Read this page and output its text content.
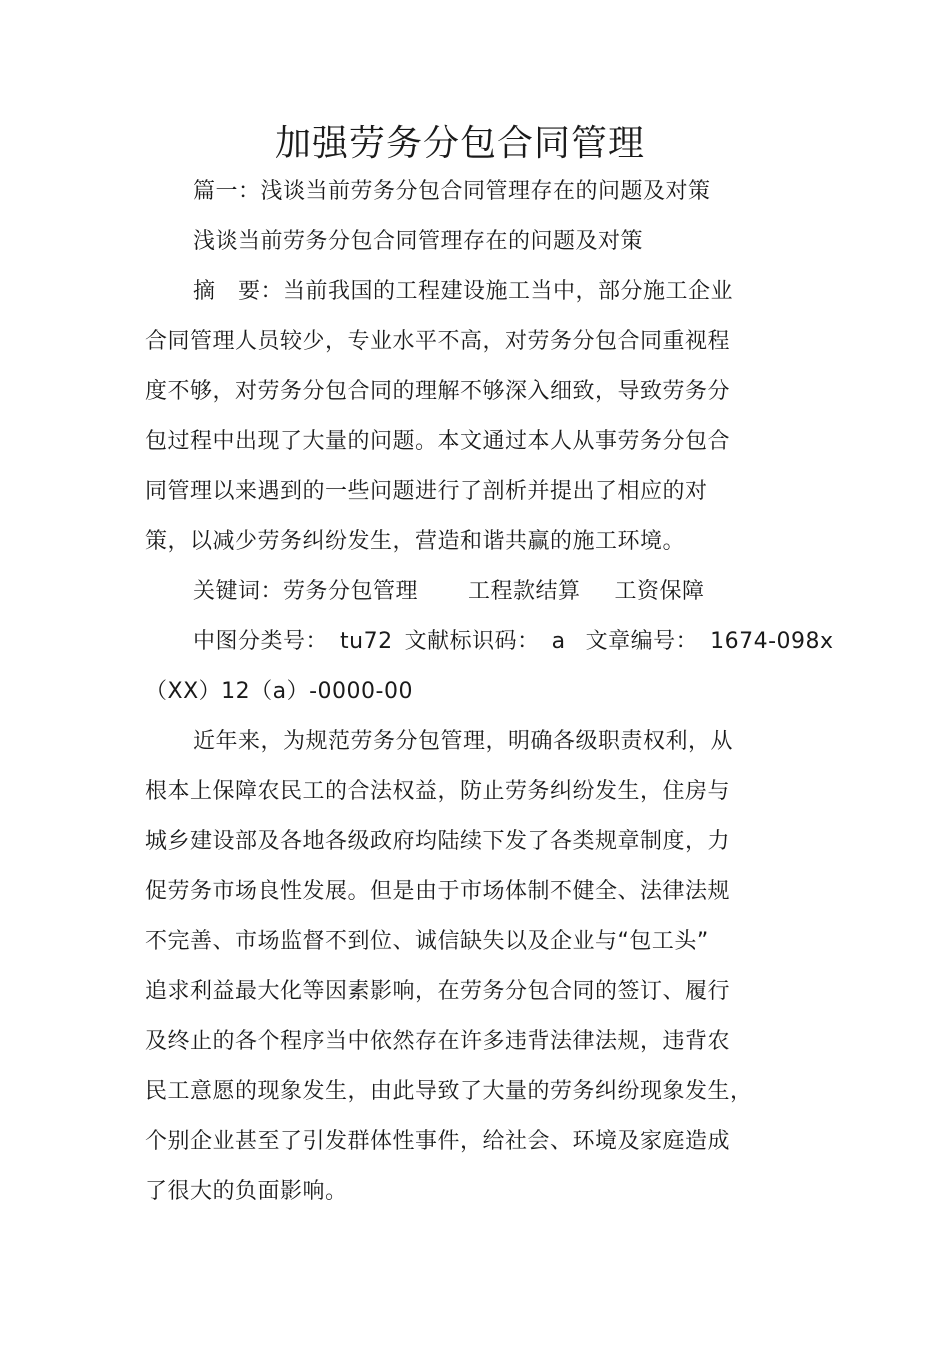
加强劳务分包合同管理
篇一：浅谈当前劳务分包合同管理存在的问题及对策
浅谈当前劳务分包合同管理存在的问题及对策
摘　要：当前我国的工程建设施工当中，部分施工企业
合同管理人员较少，专业水平不高，对劳务分包合同重视程
度不够，对劳务分包合同的理解不够深入细致，导致劳务分
包过程中出现了大量的问题。本文通过本人从事劳务分包合
同管理以来遇到的一些问题进行了剖析并提出了相应的对
策，以减少劳务纠纷发生，营造和谐共赢的施工环境。
关键词：劳务分包管理 工程款结算 工资保障
中图分类号： tu72 文献标识码： a 文章编号： 1674-098x
（XX）12（a）-0000-00
近年来，为规范劳务分包管理，明确各级职责权利，从
根本上保障农民工的合法权益，防止劳务纠纷发生，住房与
城乡建设部及各地各级政府均陆续下发了各类规章制度，力
促劳务市场良性发展。但是由于市场体制不健全、法律法规
不完善、市场监督不到位、诚信缺失以及企业与“包工头”
追求利益最大化等因素影响，在劳务分包合同的签订、履行
及终止的各个程序当中依然存在许多违背法律法规，违背农
民工意愿的现象发生，由此导致了大量的劳务纠纷现象发生，
个别企业甚至了引发群体性事件，给社会、环境及家庭造成
了很大的负面影响。
